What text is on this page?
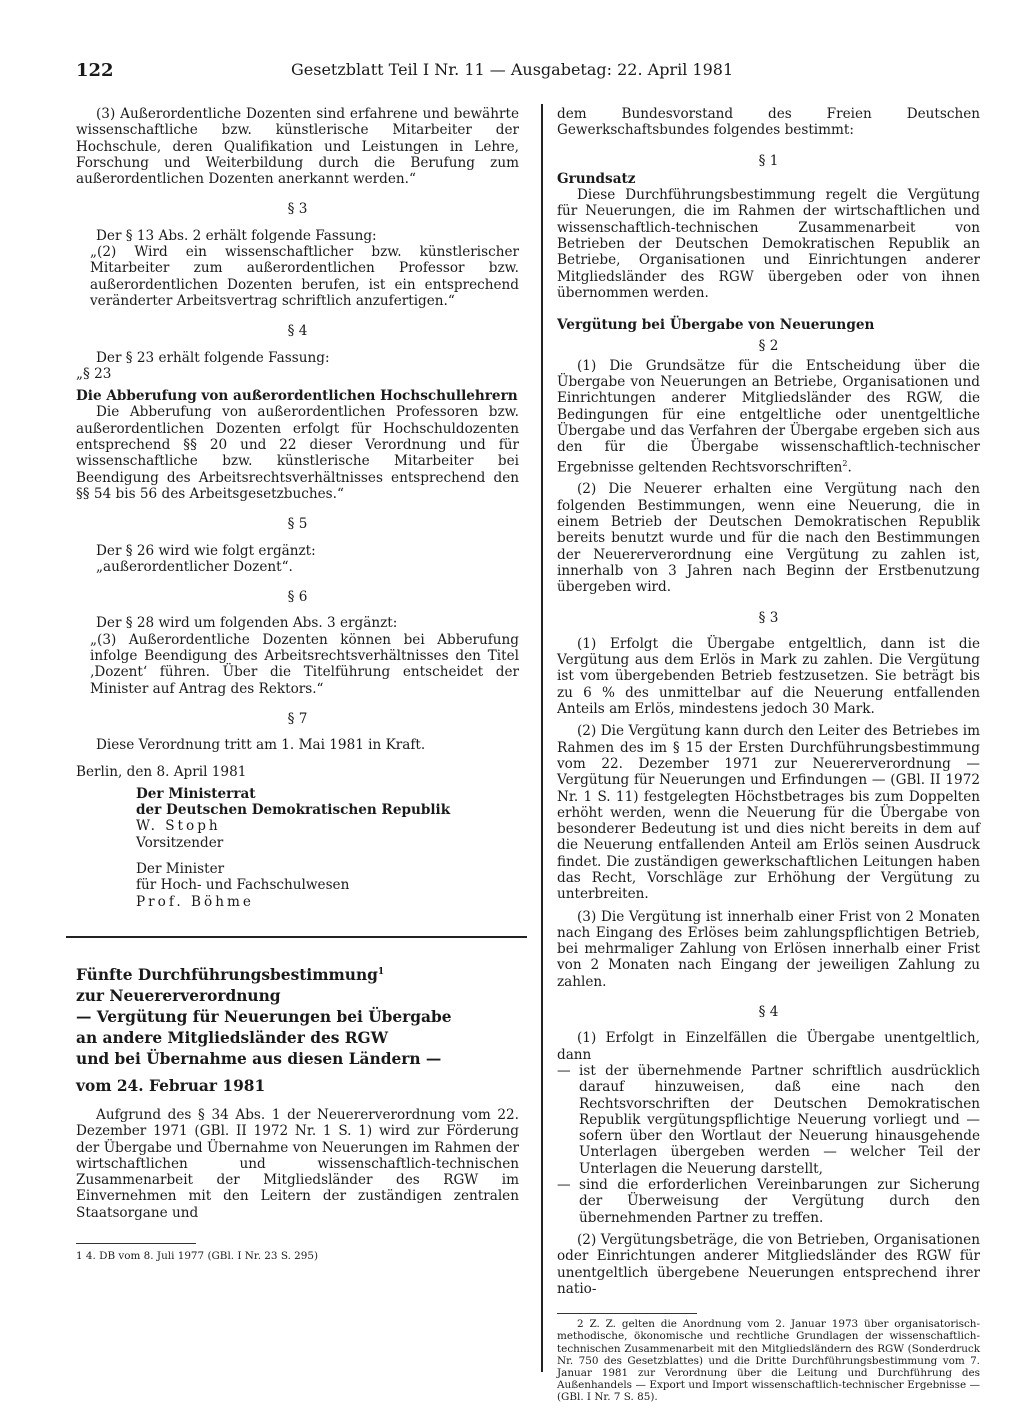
122	Gesetzblatt Teil I Nr. 11 — Ausgabetag: 22. April 1981

(3) Außerordentliche Dozenten sind erfahrene und bewährte wissenschaftliche bzw. künstlerische Mitarbeiter der Hochschule, deren Qualifikation und Leistungen in Lehre, Forschung und Weiterbildung durch die Berufung zum außerordentlichen Dozenten anerkannt werden.“

§ 3

Der § 13 Abs. 2 erhält folgende Fassung:

„(2) Wird ein wissenschaftlicher bzw. künstlerischer Mitarbeiter zum außerordentlichen Professor bzw. außerordentlichen Dozenten berufen, ist ein entsprechend veränderter Arbeitsvertrag schriftlich anzufertigen.“

§ 4

Der § 23 erhält folgende Fassung:

„§ 23

Die Abberufung von außerordentlichen Hochschullehrern

Die Abberufung von außerordentlichen Professoren bzw. außerordentlichen Dozenten erfolgt für Hochschuldozenten entsprechend §§ 20 und 22 dieser Verordnung und für wissenschaftliche bzw. künstlerische Mitarbeiter bei Beendigung des Arbeitsrechtsverhältnisses entsprechend den §§ 54 bis 56 des Arbeitsgesetzbuches.“

§ 5

Der § 26 wird wie folgt ergänzt:

„außerordentlicher Dozent“.

§ 6

Der § 28 wird um folgenden Abs. 3 ergänzt:

„(3) Außerordentliche Dozenten können bei Abberufung infolge Beendigung des Arbeitsrechtsverhältnisses den Titel ‚Dozent‘ führen. Über die Titelführung entscheidet der Minister auf Antrag des Rektors.“

§ 7

Diese Verordnung tritt am 1. Mai 1981 in Kraft.

Berlin, den 8. April 1981

Der Ministerrat

der Deutschen Demokratischen Republik

W. Stoph

Vorsitzender

Der Minister

für Hoch- und Fachschulwesen

Prof. Böhme

Fünfte Durchführungsbestimmung$^1$

zur Neuererverordnung

— Vergütung für Neuerungen bei Übergabe

an andere Mitgliedsländer des RGW

und bei Übernahme aus diesen Ländern —

vom 24. Februar 1981

Aufgrund des § 34 Abs. 1 der Neuererverordnung vom 22. Dezember 1971 (GBl. II 1972 Nr. 1 S. 1) wird zur Förderung der Übergabe und Übernahme von Neuerungen im Rahmen der wirtschaftlichen und wissenschaftlich-technischen Zusammenarbeit der Mitgliedsländer des RGW im Einvernehmen mit den Leitern der zuständigen zentralen Staatsorgane und

1 4. DB vom 8. Juli 1977 (GBl. I Nr. 23 S. 295)

dem Bundesvorstand des Freien Deutschen Gewerkschaftsbundes folgendes bestimmt:

§ 1

Grundsatz

Diese Durchführungsbestimmung regelt die Vergütung für Neuerungen, die im Rahmen der wirtschaftlichen und wissenschaftlich-technischen Zusammenarbeit von Betrieben der Deutschen Demokratischen Republik an Betriebe, Organisationen und Einrichtungen anderer Mitgliedsländer des RGW übergeben oder von ihnen übernommen werden.

Vergütung bei Übergabe von Neuerungen

§ 2

(1) Die Grundsätze für die Entscheidung über die Übergabe von Neuerungen an Betriebe, Organisationen und Einrichtungen anderer Mitgliedsländer des RGW, die Bedingungen für eine entgeltliche oder unentgeltliche Übergabe und das Verfahren der Übergabe ergeben sich aus den für die Übergabe wissenschaftlich-technischer Ergebnisse geltenden Rechtsvorschriften$^2$.

(2) Die Neuerer erhalten eine Vergütung nach den folgenden Bestimmungen, wenn eine Neuerung, die in einem Betrieb der Deutschen Demokratischen Republik bereits benutzt wurde und für die nach den Bestimmungen der Neuererverordnung eine Vergütung zu zahlen ist, innerhalb von 3 Jahren nach Beginn der Erstbenutzung übergeben wird.

§ 3

(1) Erfolgt die Übergabe entgeltlich, dann ist die Vergütung aus dem Erlös in Mark zu zahlen. Die Vergütung ist vom übergebenden Betrieb festzusetzen. Sie beträgt bis zu 6 % des unmittelbar auf die Neuerung entfallenden Anteils am Erlös, mindestens jedoch 30 Mark.

(2) Die Vergütung kann durch den Leiter des Betriebes im Rahmen des im § 15 der Ersten Durchführungsbestimmung vom 22. Dezember 1971 zur Neuererverordnung — Vergütung für Neuerungen und Erfindungen — (GBl. II 1972 Nr. 1 S. 11) festgelegten Höchstbetrages bis zum Doppelten erhöht werden, wenn die Neuerung für die Übergabe von besonderer Bedeutung ist und dies nicht bereits in dem auf die Neuerung entfallenden Anteil am Erlös seinen Ausdruck findet. Die zuständigen gewerkschaftlichen Leitungen haben das Recht, Vorschläge zur Erhöhung der Vergütung zu unterbreiten.

(3) Die Vergütung ist innerhalb einer Frist von 2 Monaten nach Eingang des Erlöses beim zahlungspflichtigen Betrieb, bei mehrmaliger Zahlung von Erlösen innerhalb einer Frist von 2 Monaten nach Eingang der jeweiligen Zahlung zu zahlen.

§ 4

(1) Erfolgt in Einzelfällen die Übergabe unentgeltlich, dann

— ist der übernehmende Partner schriftlich ausdrücklich darauf hinzuweisen, daß eine nach den Rechtsvorschriften der Deutschen Demokratischen Republik vergütungspflichtige Neuerung vorliegt und — sofern über den Wortlaut der Neuerung hinausgehende Unterlagen übergeben werden — welcher Teil der Unterlagen die Neuerung darstellt,

— sind die erforderlichen Vereinbarungen zur Sicherung der Überweisung der Vergütung durch den übernehmenden Partner zu treffen.

(2) Vergütungsbeträge, die von Betrieben, Organisationen oder Einrichtungen anderer Mitgliedsländer des RGW für unentgeltlich übergebene Neuerungen entsprechend ihrer natio-

2 Z. Z. gelten die Anordnung vom 2. Januar 1973 über organisatorisch-methodische, ökonomische und rechtliche Grundlagen der wissenschaftlich-technischen Zusammenarbeit mit den Mitgliedsländern des RGW (Sonderdruck Nr. 750 des Gesetzblattes) und die Dritte Durchführungsbestimmung vom 7. Januar 1981 zur Verordnung über die Leitung und Durchführung des Außenhandels — Export und Import wissenschaftlich-technischer Ergebnisse — (GBl. I Nr. 7 S. 85).
